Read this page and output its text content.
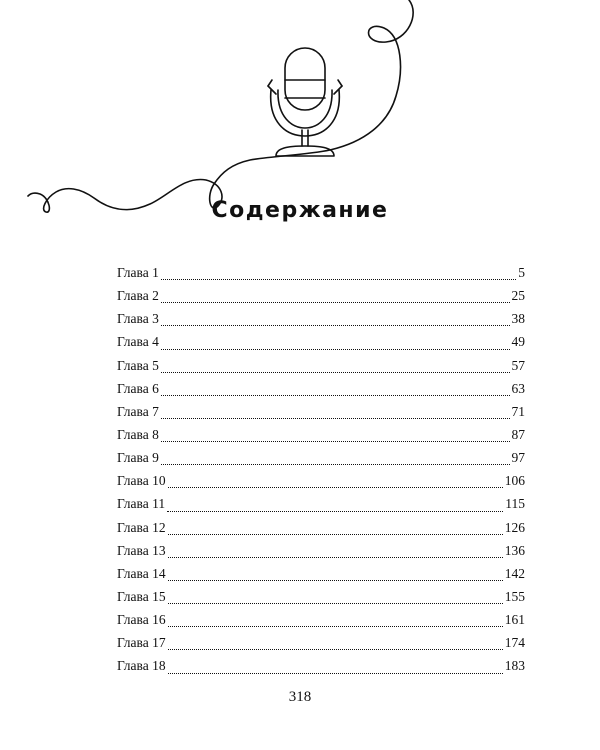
Содержание
Глава 1	5
Глава 2	25
Глава 3	38
Глава 4	49
Глава 5	57
Глава 6	63
Глава 7	71
Глава 8	87
Глава 9	97
Глава 10	106
Глава 11	115
Глава 12	126
Глава 13	136
Глава 14	142
Глава 15	155
Глава 16	161
Глава 17	174
Глава 18	183

318
